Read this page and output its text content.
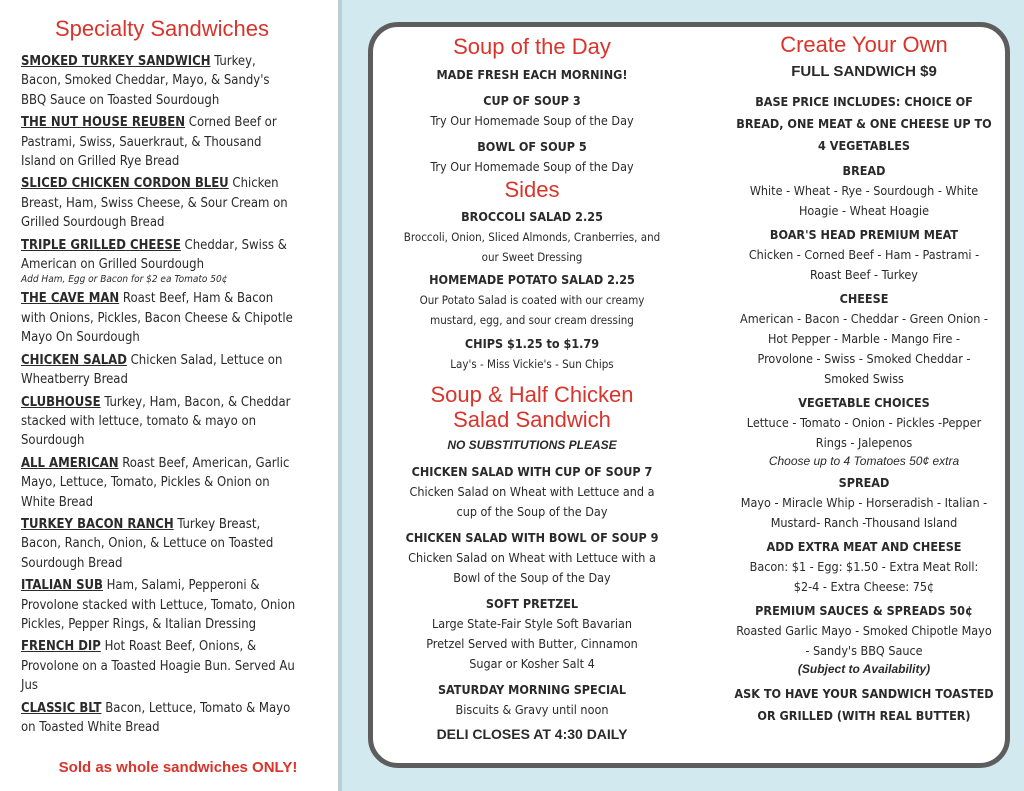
Specialty Sandwiches
SMOKED TURKEY SANDWICH Turkey, Bacon, Smoked Cheddar, Mayo, & Sandy's BBQ Sauce on Toasted Sourdough
THE NUT HOUSE REUBEN Corned Beef or Pastrami, Swiss, Sauerkraut, & Thousand Island on Grilled Rye Bread
SLICED CHICKEN CORDON BLEU Chicken Breast, Ham, Swiss Cheese, & Sour Cream on Grilled Sourdough Bread
TRIPLE GRILLED CHEESE Cheddar, Swiss & American on Grilled Sourdough
Add Ham, Egg or Bacon for $2 ea Tomato 50¢
THE CAVE MAN Roast Beef, Ham & Bacon with Onions, Pickles, Bacon Cheese & Chipotle Mayo On Sourdough
CHICKEN SALAD Chicken Salad, Lettuce on Wheatberry Bread
CLUBHOUSE Turkey, Ham, Bacon, & Cheddar stacked with lettuce, tomato & mayo on Sourdough
ALL AMERICAN Roast Beef, American, Garlic Mayo, Lettuce, Tomato, Pickles & Onion on White Bread
TURKEY BACON RANCH Turkey Breast, Bacon, Ranch, Onion, & Lettuce on Toasted Sourdough Bread
ITALIAN SUB Ham, Salami, Pepperoni & Provolone stacked with Lettuce, Tomato, Onion Pickles, Pepper Rings, & Italian Dressing
FRENCH DIP Hot Roast Beef, Onions, & Provolone on a Toasted Hoagie Bun. Served Au Jus
CLASSIC BLT Bacon, Lettuce, Tomato & Mayo on Toasted White Bread
Sold as whole sandwiches ONLY!
Soup of the Day
MADE FRESH EACH MORNING!
CUP OF SOUP 3
Try Our Homemade Soup of the Day
BOWL OF SOUP 5
Try Our Homemade Soup of the Day
Sides
BROCCOLI SALAD 2.25
Broccoli, Onion, Sliced Almonds, Cranberries, and
our Sweet Dressing
HOMEMADE POTATO SALAD 2.25
Our Potato Salad is coated with our creamy
mustard, egg, and sour cream dressing
CHIPS $1.25 to $1.79
Lay's - Miss Vickie's - Sun Chips
Soup & Half Chicken
Salad Sandwich
NO SUBSTITUTIONS PLEASE
CHICKEN SALAD WITH CUP OF SOUP 7
Chicken Salad on Wheat with Lettuce and a
cup of the Soup of the Day
CHICKEN SALAD WITH BOWL OF SOUP 9
Chicken Salad on Wheat with Lettuce with a
Bowl of the Soup of the Day
SOFT PRETZEL
Large State-Fair Style Soft Bavarian
Pretzel Served with Butter, Cinnamon
Sugar or Kosher Salt 4
SATURDAY MORNING SPECIAL
Biscuits & Gravy until noon
DELI CLOSES AT 4:30 DAILY
Create Your Own
FULL SANDWICH $9
BASE PRICE INCLUDES: CHOICE OF
BREAD, ONE MEAT & ONE CHEESE UP TO
4 VEGETABLES
BREAD
White - Wheat - Rye - Sourdough - White
Hoagie - Wheat Hoagie
BOAR'S HEAD PREMIUM MEAT
Chicken - Corned Beef - Ham - Pastrami -
Roast Beef - Turkey
CHEESE
American - Bacon - Cheddar - Green Onion -
Hot Pepper - Marble - Mango Fire -
Provolone - Swiss - Smoked Cheddar -
Smoked Swiss
VEGETABLE CHOICES
Lettuce - Tomato - Onion - Pickles -Pepper
Rings - Jalepenos
Choose up to 4 Tomatoes 50¢ extra
SPREAD
Mayo - Miracle Whip - Horseradish - Italian -
Mustard- Ranch -Thousand Island
ADD EXTRA MEAT AND CHEESE
Bacon: $1 - Egg: $1.50 - Extra Meat Roll:
$2-4 - Extra Cheese: 75¢
PREMIUM SAUCES & SPREADS 50¢
Roasted Garlic Mayo - Smoked Chipotle Mayo
- Sandy's BBQ Sauce
(Subject to Availability)
ASK TO HAVE YOUR SANDWICH TOASTED
OR GRILLED (WITH REAL BUTTER)
